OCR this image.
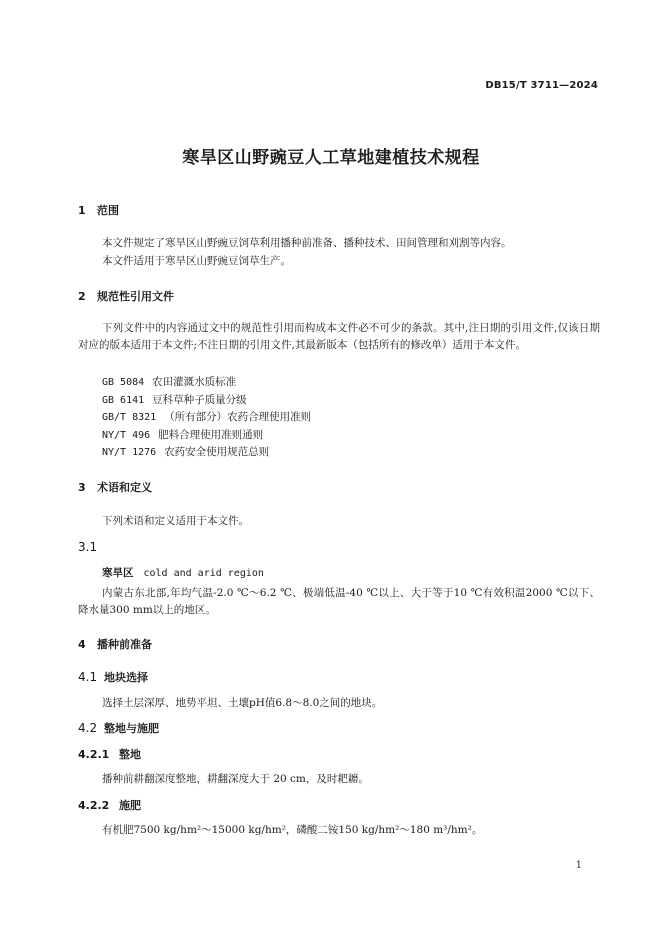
DB15/T 3711—2024
寒旱区山野豌豆人工草地建植技术规程
1 范围
本文件规定了寒旱区山野豌豆饲草利用播种前准备、播种技术、田间管理和刈割等内容。
本文件适用于寒旱区山野豌豆饲草生产。
2 规范性引用文件
下列文件中的内容通过文中的规范性引用而构成本文件必不可少的条款。其中,注日期的引用文件,仅该日期对应的版本适用于本文件;不注日期的引用文件,其最新版本（包括所有的修改单）适用于本文件。
GB 5084 农田灌溉水质标准
GB 6141 豆科草种子质量分级
GB/T 8321 （所有部分）农药合理使用准则
NY/T 496 肥料合理使用准则通则
NY/T 1276 农药安全使用规范总则
3 术语和定义
下列术语和定义适用于本文件。
3.1
寒旱区 cold and arid region
内蒙古东北部,年均气温-2.0 ℃～6.2 ℃、极端低温-40 ℃以上、大于等于10 ℃有效积温2000 ℃以下、降水量300 mm以上的地区。
4 播种前准备
4.1 地块选择
选择土层深厚、地势平坦、土壤pH值6.8～8.0之间的地块。
4.2 整地与施肥
4.2.1 整地
播种前耕翻深度整地，耕翻深度大于 20 cm，及时耙耱。
4.2.2 施肥
有机肥7500 kg/hm²～15000 kg/hm²，磷酸二铵150 kg/hm²～180 m³/hm²。
1
